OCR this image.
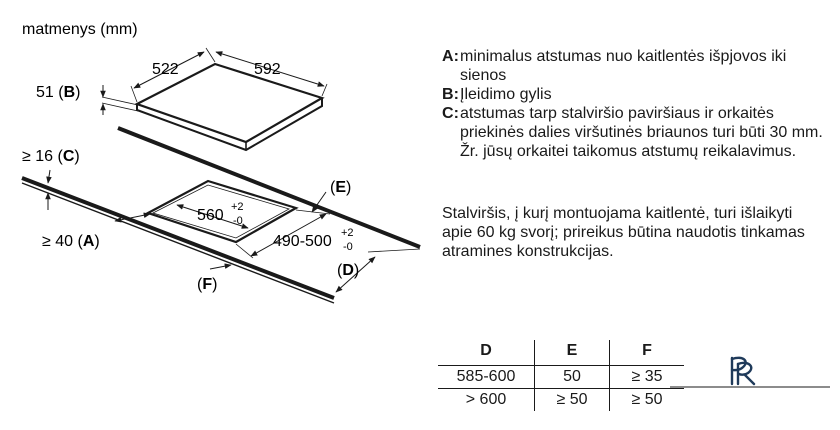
matmenys (mm)
522	592
51 (B)
≥ 16 (C)
(E)
560 +2
-0
490-500 +2
-0
≥ 40 (A)
(D)
(F)
A: minimalus atstumas nuo kaitlentės išpjovos iki sienos
B: Įleidimo gylis
C: atstumas tarp stalviršio paviršiaus ir orkaitės priekinės dalies viršutinės briaunos turi būti 30 mm. Žr. jūsų orkaitei taikomus atstumų reikalavimus.
Stalviršis, į kurį montuojama kaitlentė, turi išlaikyti apie 60 kg svorį; prireikus būtina naudotis tinkamas atramines konstrukcijas.
D	E	F
585-600	50	≥ 35
> 600	≥ 50	≥ 50
